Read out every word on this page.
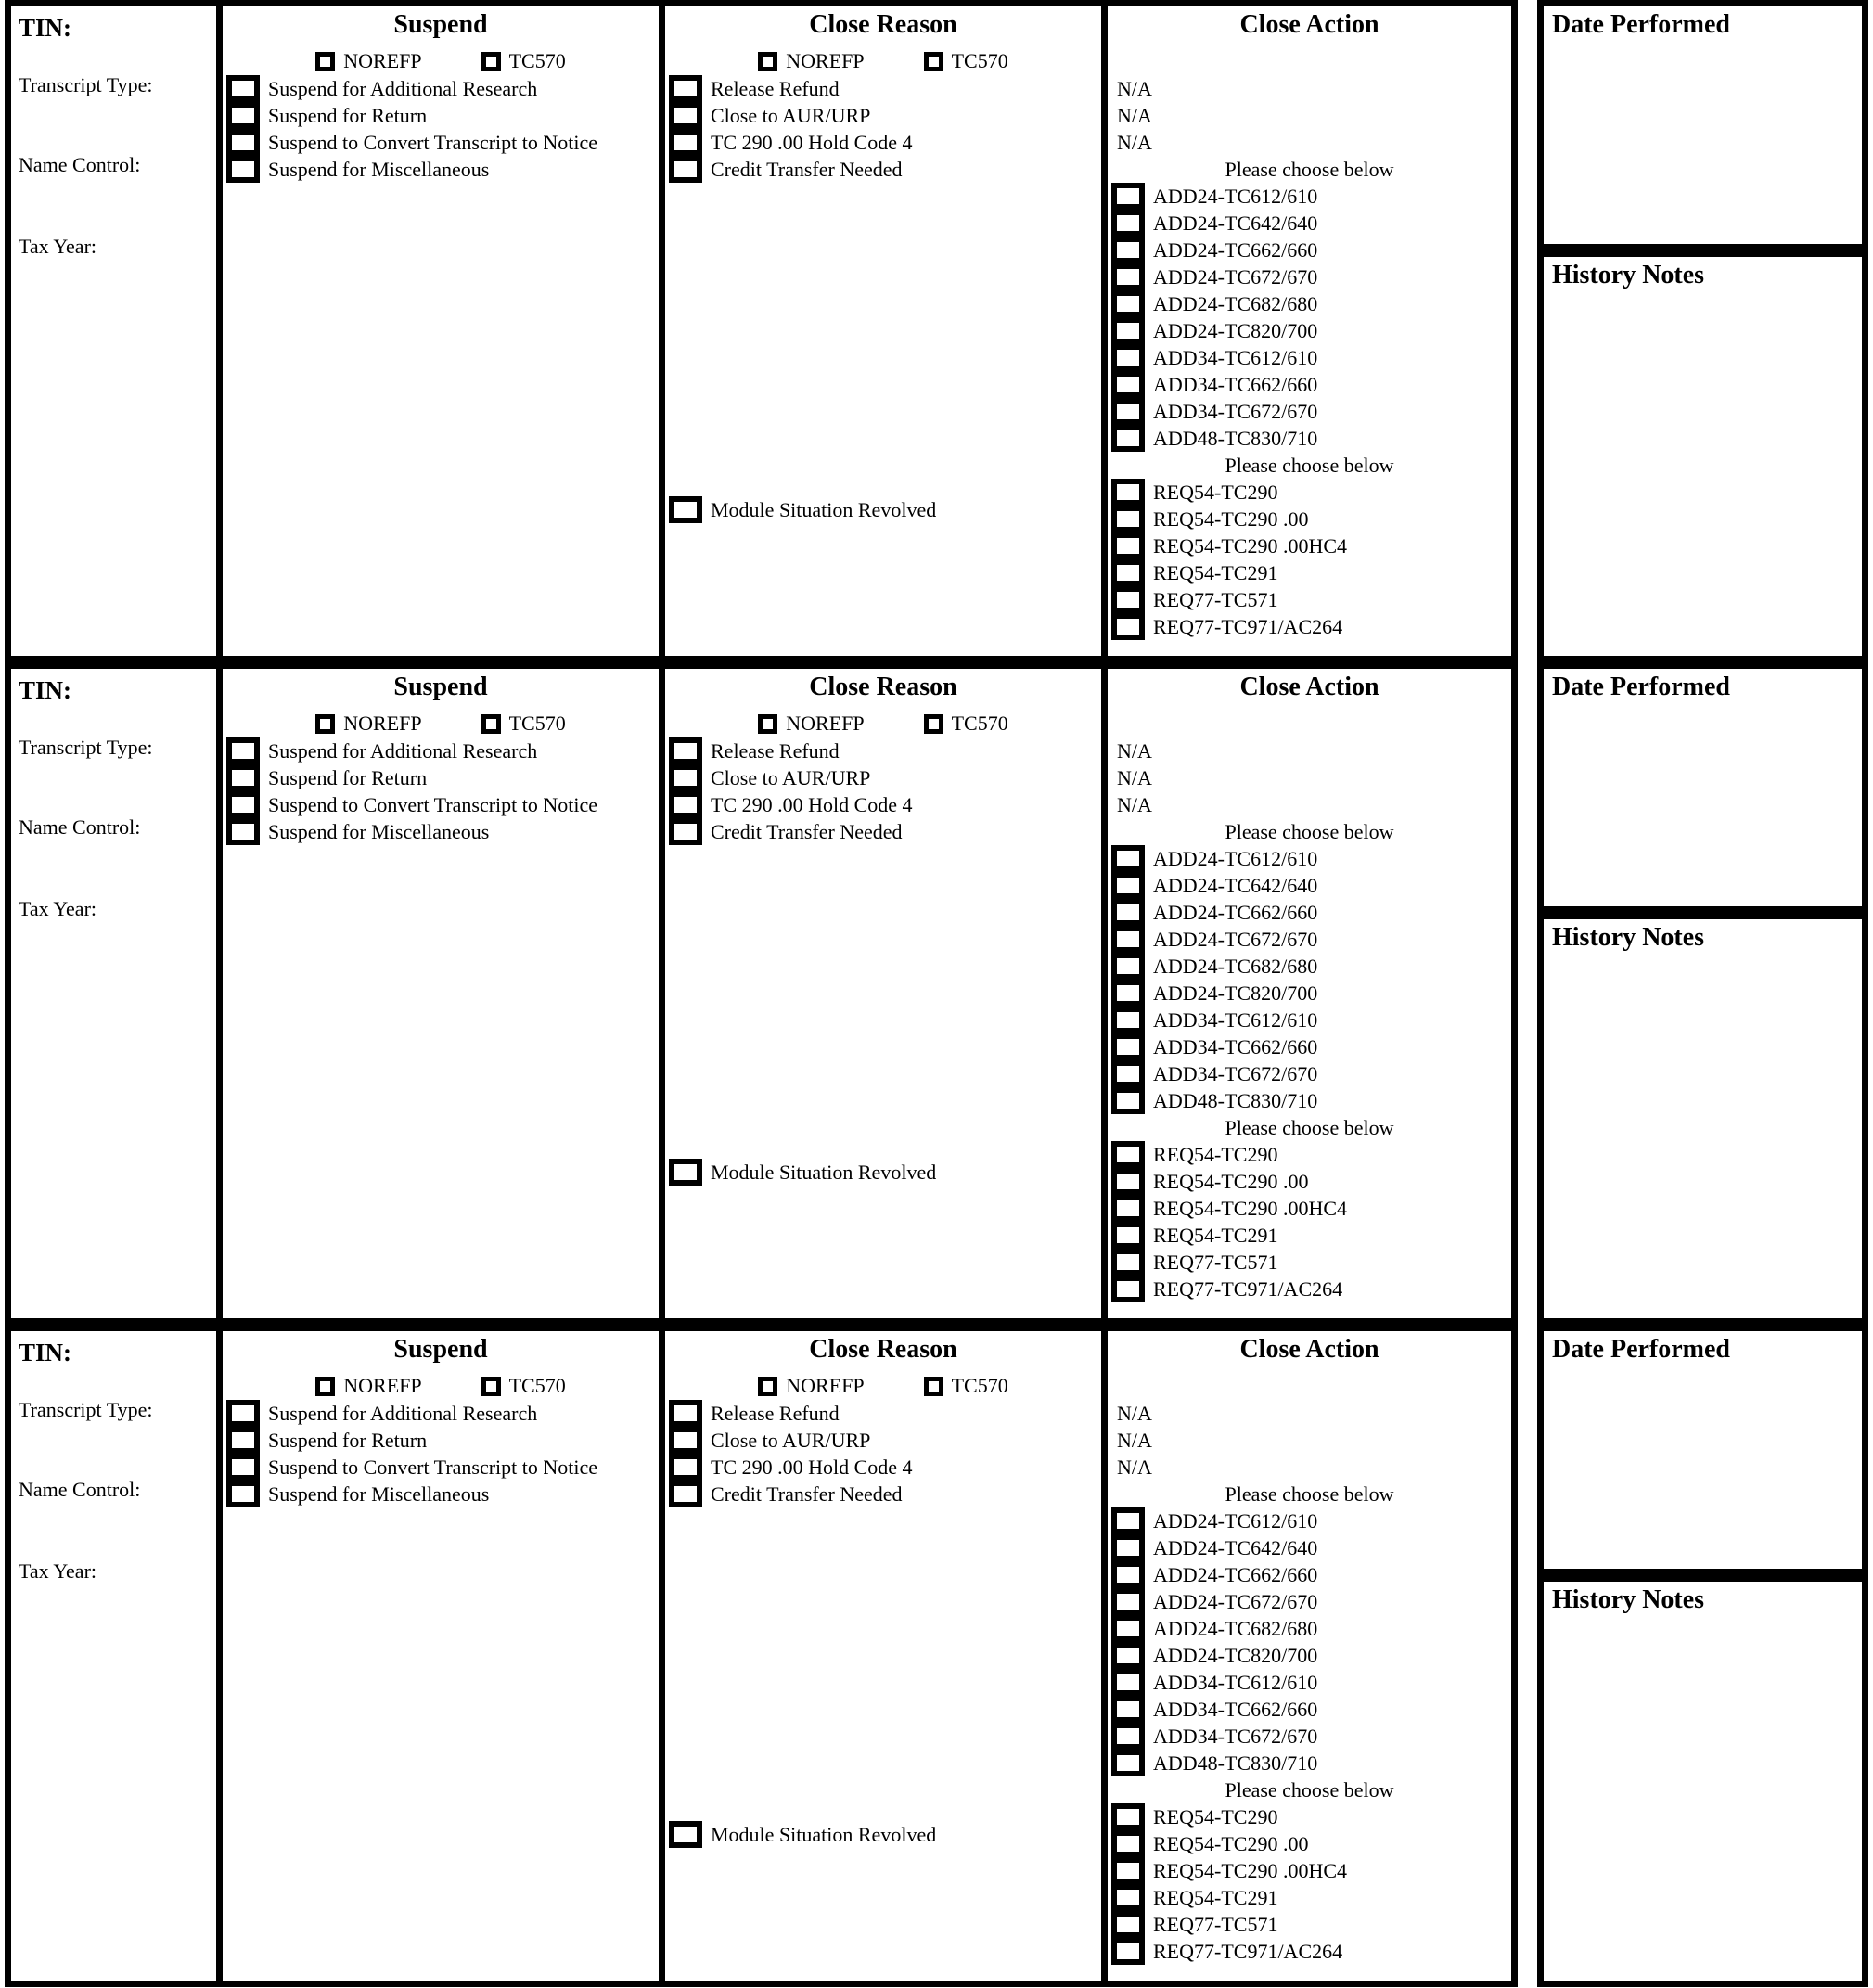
TIN:
Transcript Type:
Name Control:
Tax Year:
Suspend
NOREFP	TC570
Suspend for Additional Research
Suspend for Return
Suspend to Convert Transcript to Notice
Suspend for Miscellaneous
Close Reason
NOREFP	TC570
Release Refund
Close to AUR/URP
TC 290 .00 Hold Code 4
Credit Transfer Needed
Module Situation Revolved
Close Action
N/A
N/A
N/A
Please choose below
ADD24-TC612/610
ADD24-TC642/640
ADD24-TC662/660
ADD24-TC672/670
ADD24-TC682/680
ADD24-TC820/700
ADD34-TC612/610
ADD34-TC662/660
ADD34-TC672/670
ADD48-TC830/710
Please choose below
REQ54-TC290
REQ54-TC290 .00
REQ54-TC290 .00HC4
REQ54-TC291
REQ77-TC571
REQ77-TC971/AC264
Date Performed
History Notes
TIN:
Transcript Type:
Name Control:
Tax Year:
Suspend
NOREFP	TC570
Suspend for Additional Research
Suspend for Return
Suspend to Convert Transcript to Notice
Suspend for Miscellaneous
Close Reason
NOREFP	TC570
Release Refund
Close to AUR/URP
TC 290 .00 Hold Code 4
Credit Transfer Needed
Module Situation Revolved
Close Action
N/A
N/A
N/A
Please choose below
ADD24-TC612/610
ADD24-TC642/640
ADD24-TC662/660
ADD24-TC672/670
ADD24-TC682/680
ADD24-TC820/700
ADD34-TC612/610
ADD34-TC662/660
ADD34-TC672/670
ADD48-TC830/710
Please choose below
REQ54-TC290
REQ54-TC290 .00
REQ54-TC290 .00HC4
REQ54-TC291
REQ77-TC571
REQ77-TC971/AC264
Date Performed
History Notes
TIN:
Transcript Type:
Name Control:
Tax Year:
Suspend
NOREFP	TC570
Suspend for Additional Research
Suspend for Return
Suspend to Convert Transcript to Notice
Suspend for Miscellaneous
Close Reason
NOREFP	TC570
Release Refund
Close to AUR/URP
TC 290 .00 Hold Code 4
Credit Transfer Needed
Module Situation Revolved
Close Action
N/A
N/A
N/A
Please choose below
ADD24-TC612/610
ADD24-TC642/640
ADD24-TC662/660
ADD24-TC672/670
ADD24-TC682/680
ADD24-TC820/700
ADD34-TC612/610
ADD34-TC662/660
ADD34-TC672/670
ADD48-TC830/710
Please choose below
REQ54-TC290
REQ54-TC290 .00
REQ54-TC290 .00HC4
REQ54-TC291
REQ77-TC571
REQ77-TC971/AC264
Date Performed
History Notes
